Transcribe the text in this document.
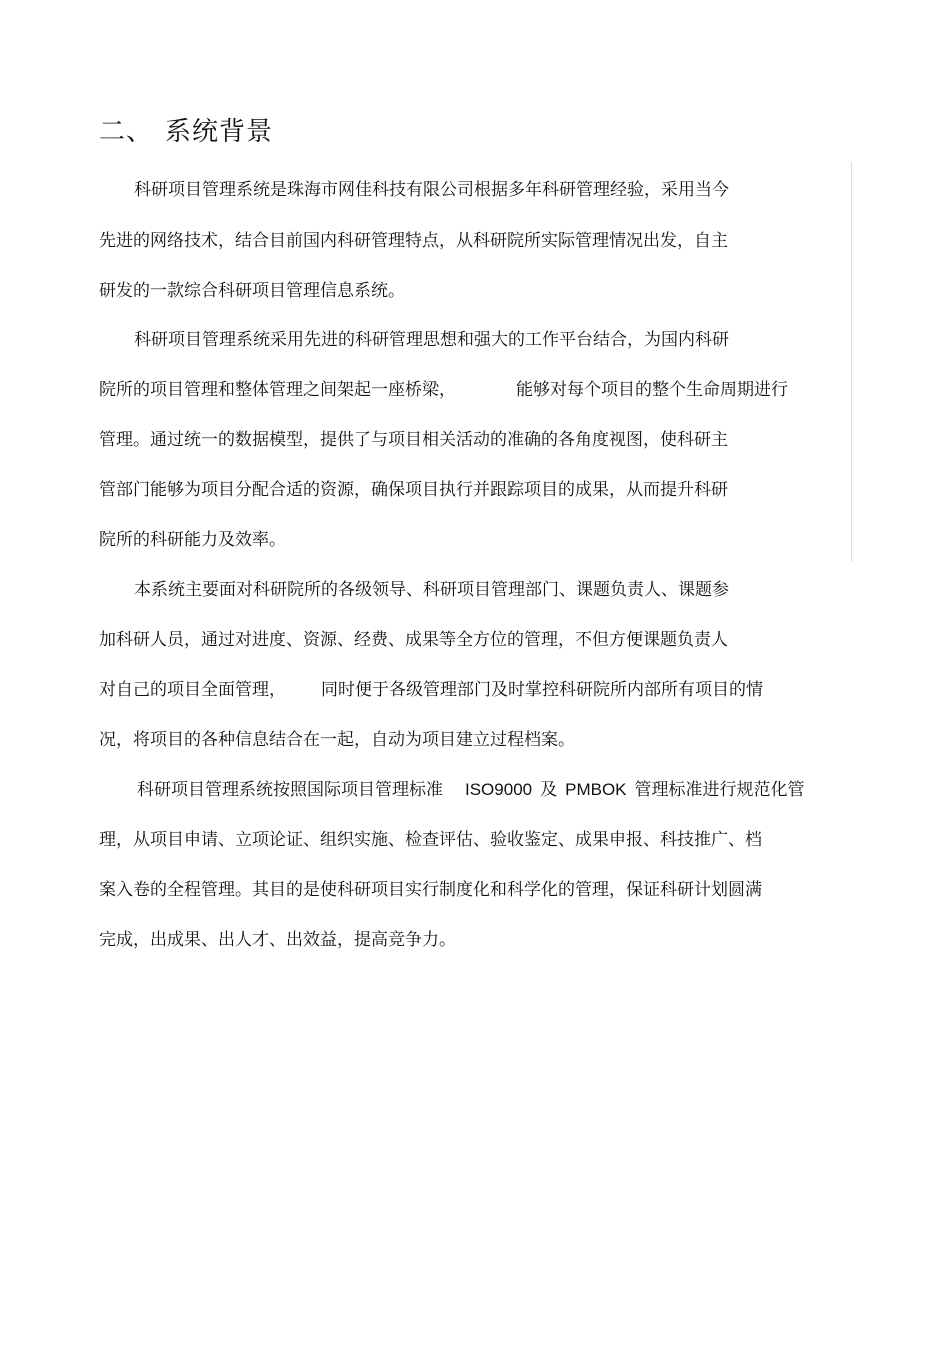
二、 系统背景
科研项目管理系统是珠海市网佳科技有限公司根据多年科研管理经验，采用当今
先进的网络技术，结合目前国内科研管理特点，从科研院所实际管理情况出发，自主
研发的一款综合科研项目管理信息系统。
科研项目管理系统采用先进的科研管理思想和强大的工作平台结合，为国内科研
院所的项目管理和整体管理之间架起一座桥梁，	能够对每个项目的整个生命周期进行
管理。通过统一的数据模型，提供了与项目相关活动的准确的各角度视图，使科研主
管部门能够为项目分配合适的资源，确保项目执行并跟踪项目的成果，从而提升科研
院所的科研能力及效率。
本系统主要面对科研院所的各级领导、科研项目管理部门、课题负责人、课题参
加科研人员，通过对进度、资源、经费、成果等全方位的管理，不但方便课题负责人
对自己的项目全面管理， 同时便于各级管理部门及时掌控科研院所内部所有项目的情
况，将项目的各种信息结合在一起，自动为项目建立过程档案。
科研项目管理系统按照国际项目管理标准 ISO9000 及 PMBOK 管理标准进行规范化管
理，从项目申请、立项论证、组织实施、检查评估、验收鉴定、成果申报、科技推广、档
案入卷的全程管理。其目的是使科研项目实行制度化和科学化的管理，保证科研计划圆满
完成，出成果、出人才、出效益，提高竞争力。
